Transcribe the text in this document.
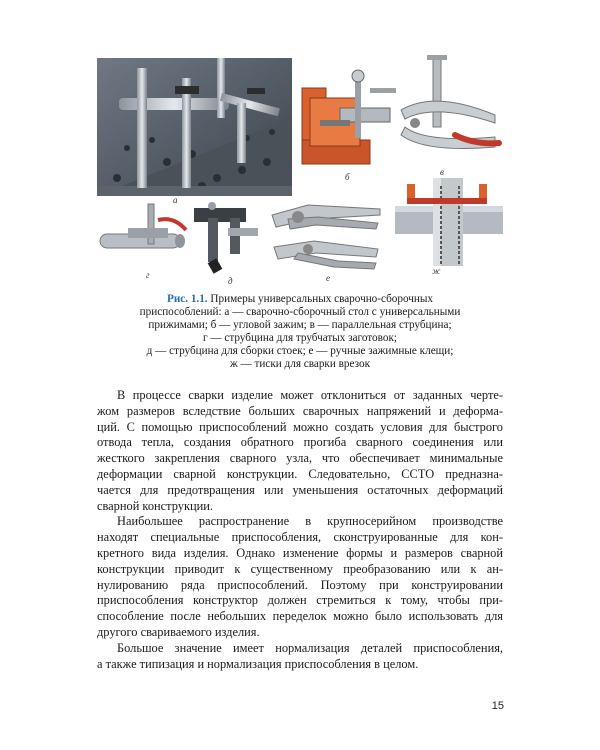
а
б	в
г
д	е
ж
Рис. 1.1. Примеры универсальных сварочно-сборочных
приспособлений: а — сварочно-сборочный стол с универсальными
прижимами; б — угловой зажим; в — параллельная струбцина;
г — струбцина для трубчатых заготовок;
д — струбцина для сборки стоек; е — ручные зажимные клещи;
ж — тиски для сварки врезок
В процессе сварки изделие может отклониться от заданных черте-
жом размеров вследствие больших сварочных напряжений и деформа-
ций. С помощью приспособлений можно создать условия для быстрого
отвода тепла, создания обратного прогиба сварного соединения или
жесткого закрепления сварного узла, что обеспечивает минимальные
деформации сварной конструкции. Следовательно, ССТО предназна-
чается для предотвращения или уменьшения остаточных деформаций
сварной конструкции.
Наибольшее распространение в крупносерийном производстве
находят специальные приспособления, сконструированные для кон-
кретного вида изделия. Однако изменение формы и размеров сварной
конструкции приводит к существенному преобразованию или к ан-
нулированию ряда приспособлений. Поэтому при конструировании
приспособления конструктор должен стремиться к тому, чтобы при-
способление после небольших переделок можно было использовать для
другого свариваемого изделия.
Большое значение имеет нормализация деталей приспособления,
а также типизация и нормализация приспособления в целом.
15
